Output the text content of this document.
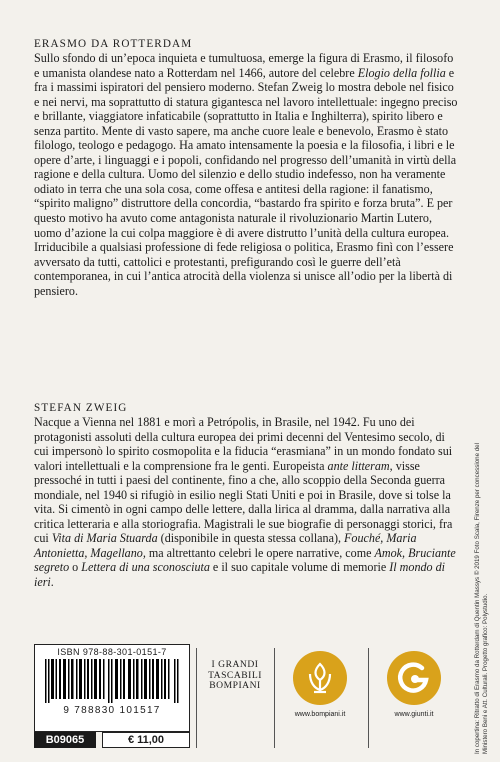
ERASMO DA ROTTERDAM

Sullo sfondo di un’epoca inquieta e tumultuosa, emerge la figura di Erasmo, il filosofo e umanista olandese nato a Rotterdam nel 1466, autore del celebre Elogio della follia e fra i massimi ispiratori del pensiero moderno. Stefan Zweig lo mostra debole nel fisico e nei nervi, ma soprattutto di statura gigantesca nel lavoro intellettuale: ingegno preciso e brillante, viaggiatore infaticabile (soprattutto in Italia e Inghilterra), spirito libero e senza partito. Mente di vasto sapere, ma anche cuore leale e benevolo, Erasmo è stato filologo, teologo e pedagogo. Ha amato intensamente la poesia e la filosofia, i libri e le opere d’arte, i linguaggi e i popoli, confidando nel progresso dell’umanità in virtù della ragione e della cultura. Uomo del silenzio e dello studio indefesso, non ha veramente odiato in terra che una sola cosa, come offesa e antitesi della ragione: il fanatismo, “spirito maligno” distruttore della concordia, “bastardo fra spirito e forza bruta”. E per questo motivo ha avuto come antagonista naturale il rivoluzionario Martin Lutero, uomo d’azione la cui colpa maggiore è di avere distrutto l’unità della cultura europea. Irriducibile a qualsiasi professione di fede religiosa o politica, Erasmo finì con l’essere avversato da tutti, cattolici e protestanti, prefigurando così le guerre dell’età contemporanea, in cui l’antica atrocità della violenza si unisce all’odio per la libertà di pensiero.

STEFAN ZWEIG

Nacque a Vienna nel 1881 e morì a Petrópolis, in Brasile, nel 1942. Fu uno dei protagonisti assoluti della cultura europea dei primi decenni del Ventesimo secolo, di cui impersonò lo spirito cosmopolita e la fiducia “erasmiana” in un mondo fondato sui valori intellettuali e la comprensione fra le genti. Europeista ante litteram, visse pressoché in tutti i paesi del continente, fino a che, allo scoppio della Seconda guerra mondiale, nel 1940 si rifugiò in esilio negli Stati Uniti e poi in Brasile, dove si tolse la vita. Si cimentò in ogni campo delle lettere, dalla lirica al dramma, dalla narrativa alla critica letteraria e alla storiografia. Magistrali le sue biografie di personaggi storici, fra cui Vita di Maria Stuarda (disponibile in questa stessa collana), Fouché, Maria Antonietta, Magellano, ma altrettanto celebri le opere narrative, come Amok, Bruciante segreto o Lettera di una sconosciuta e il suo capitale volume di memorie Il mondo di ieri.	In copertina: Ritratto di Erasmo da Rotterdam di Quentin Massys © 2019 Foto Scala, Firenze per concessione del Ministero Beni e Att. Culturali. Progetto grafico: Polystudio.
ISBN 978-88-301-0151-7
9 788830 101517
B09065	€ 11,00
I GRANDI
TASCABILI
BOMPIANI
www.bompiani.it	www.giunti.it
